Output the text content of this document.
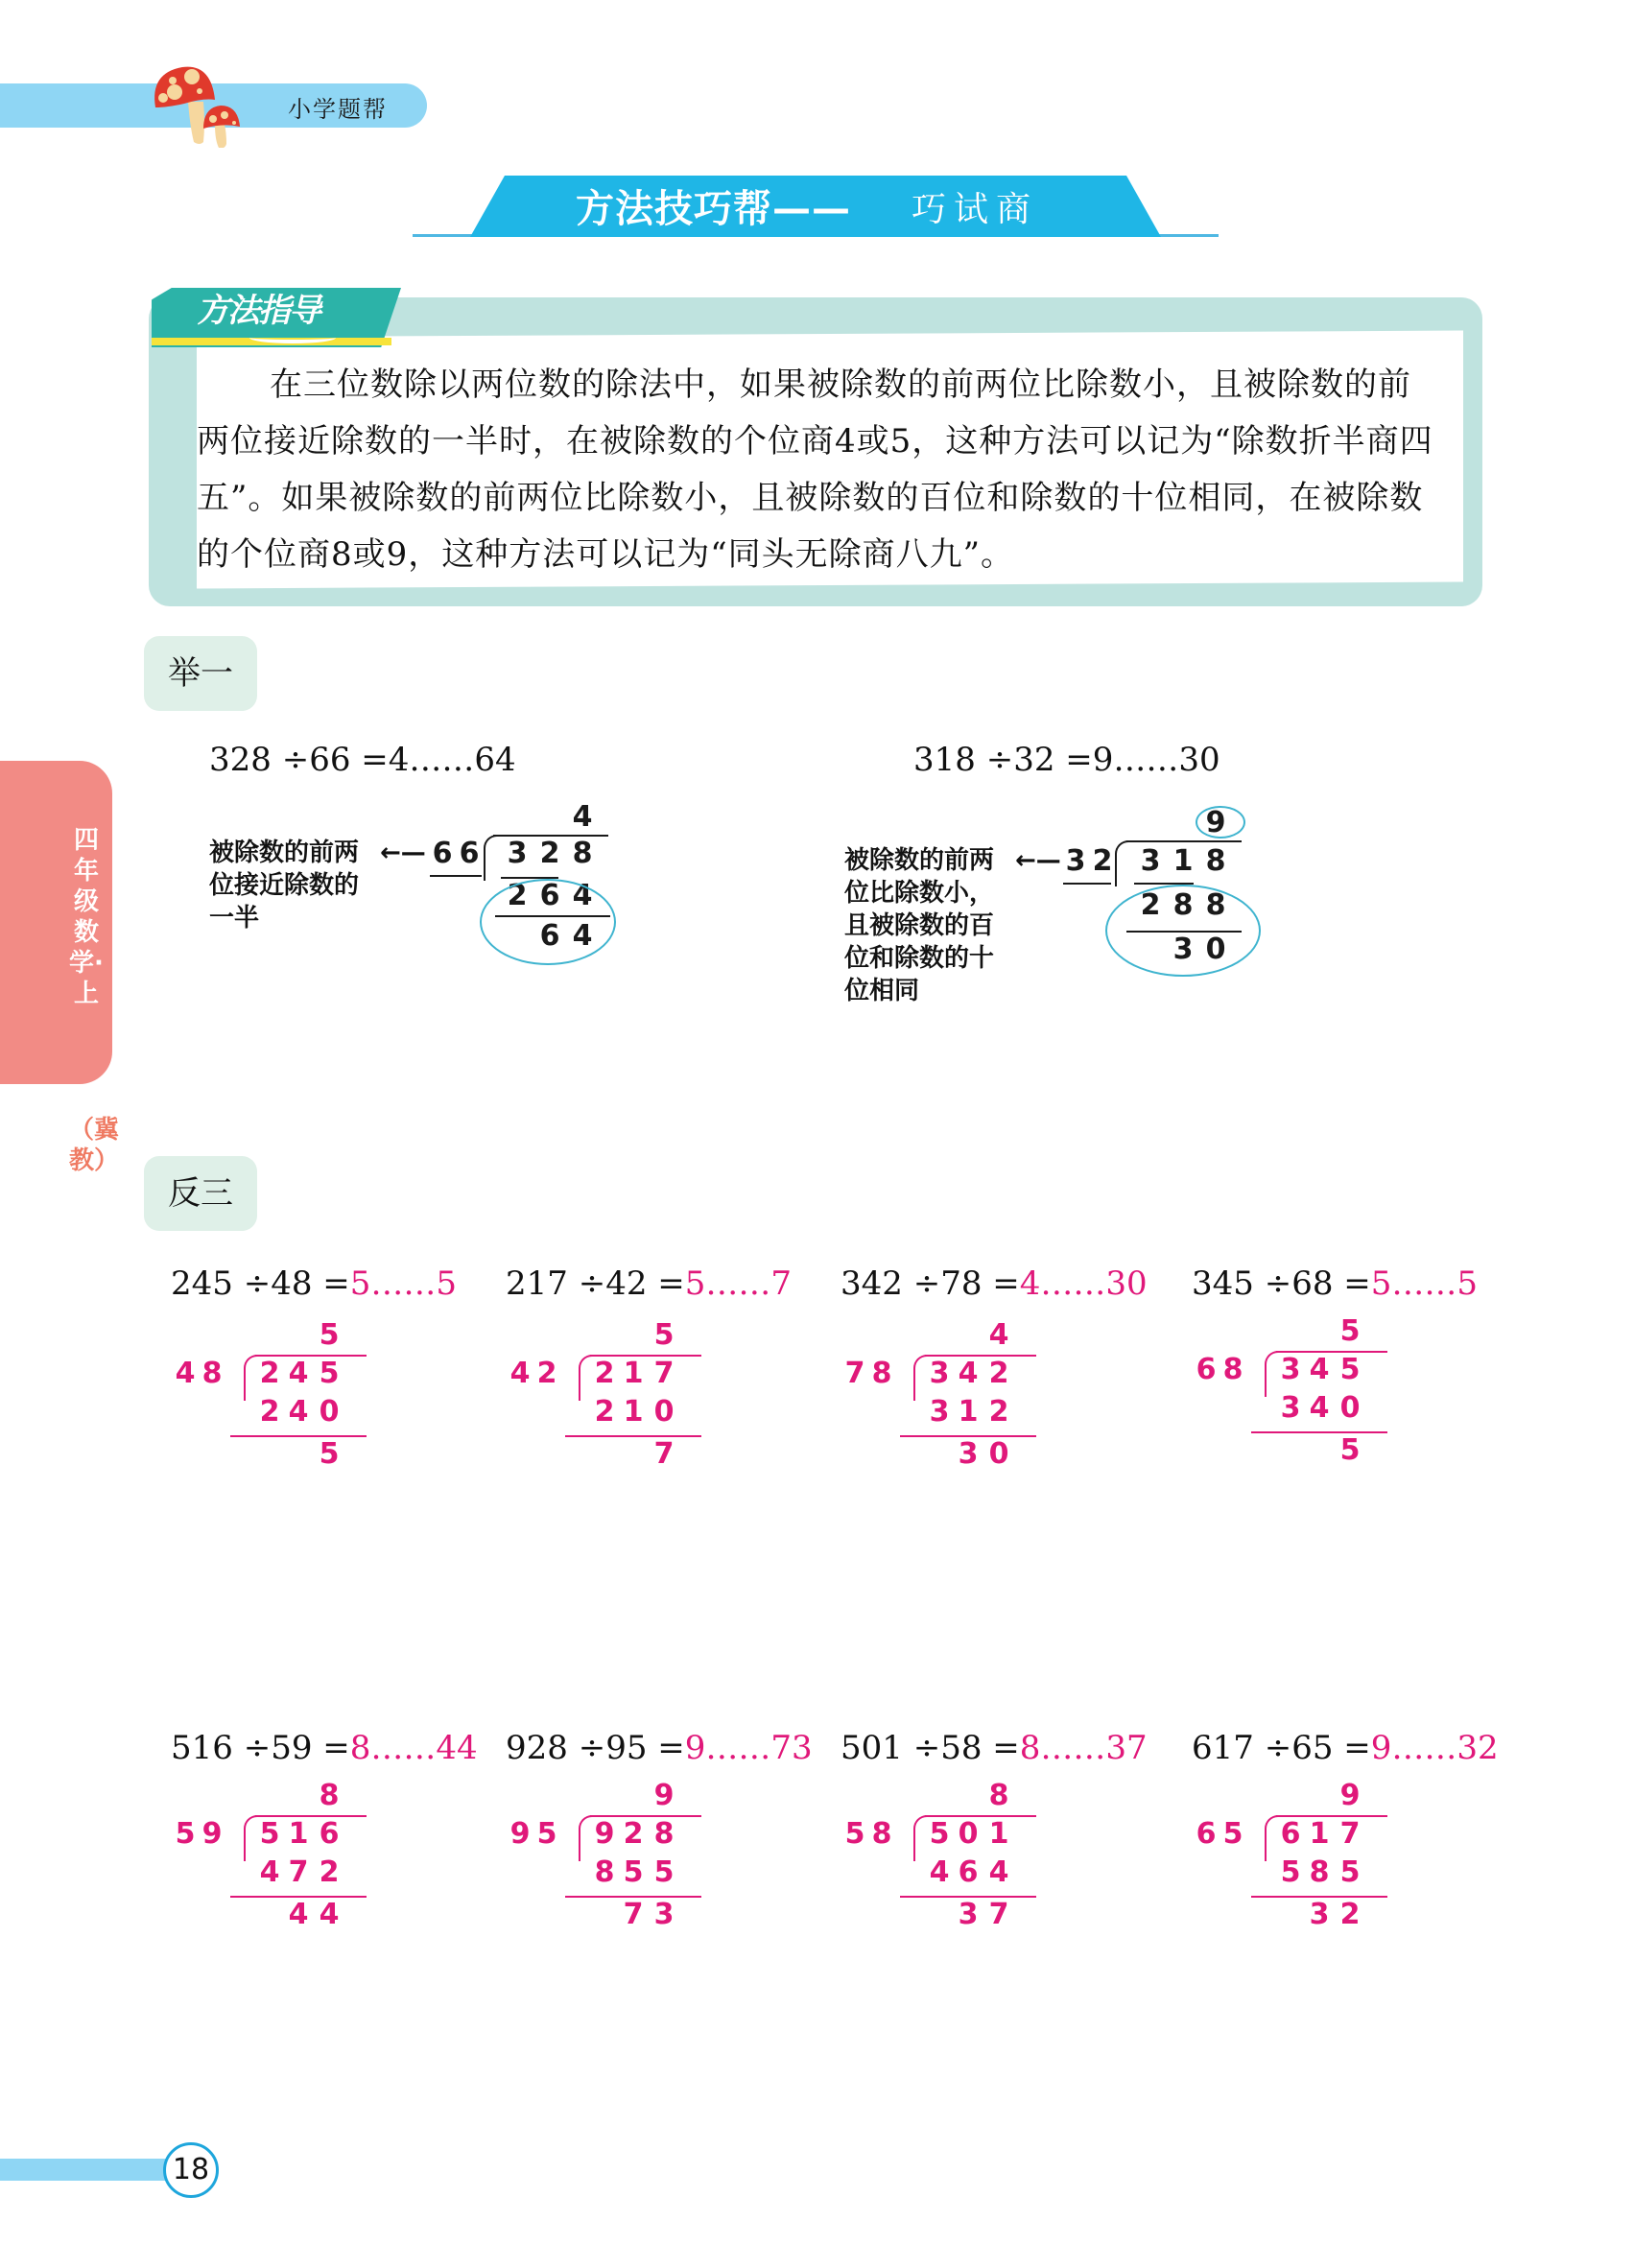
小学题帮
方法技巧帮—— 巧试商
方法指导
在三位数除以两位数的除法中，如果被除数的前两位比除数小，且被除数的前两位接近除数的一半时，在被除数的个位商4或5，这种方法可以记为“除数折半商四五”。如果被除数的前两位比除数小，且被除数的百位和除数的十位相同，在被除数的个位商8或9，这种方法可以记为“同头无除商八九”。
四年级数学·上
（冀教）
举一
328 ÷66 =4……64
被除数的前两
位接近除数的
一半
←—
4
6 6 3 2 8
2 6 4
6 4
318 ÷32 =9……30
被除数的前两
位比除数小，
且被除数的百
位和除数的十
位相同
←—
9
3 2 3 1 8
2 8 8
3 0
反三
245 ÷48 =5……5
5
4 8 2 4 5
2 4 0
5
217 ÷42 =5……7
5
4 2 2 1 7
2 1 0
7
342 ÷78 =4……30
4
7 8 3 4 2
3 1 2
3 0
345 ÷68 =5……5
5
6 8 3 4 5
3 4 0
5
516 ÷59 =8……44
8
5 9 5 1 6
4 7 2
4 4
928 ÷95 =9……73
9
9 5 9 2 8
8 5 5
7 3
501 ÷58 =8……37
8
5 8 5 0 1
4 6 4
3 7
617 ÷65 =9……32
9
6 5 6 1 7
5 8 5
3 2
18
